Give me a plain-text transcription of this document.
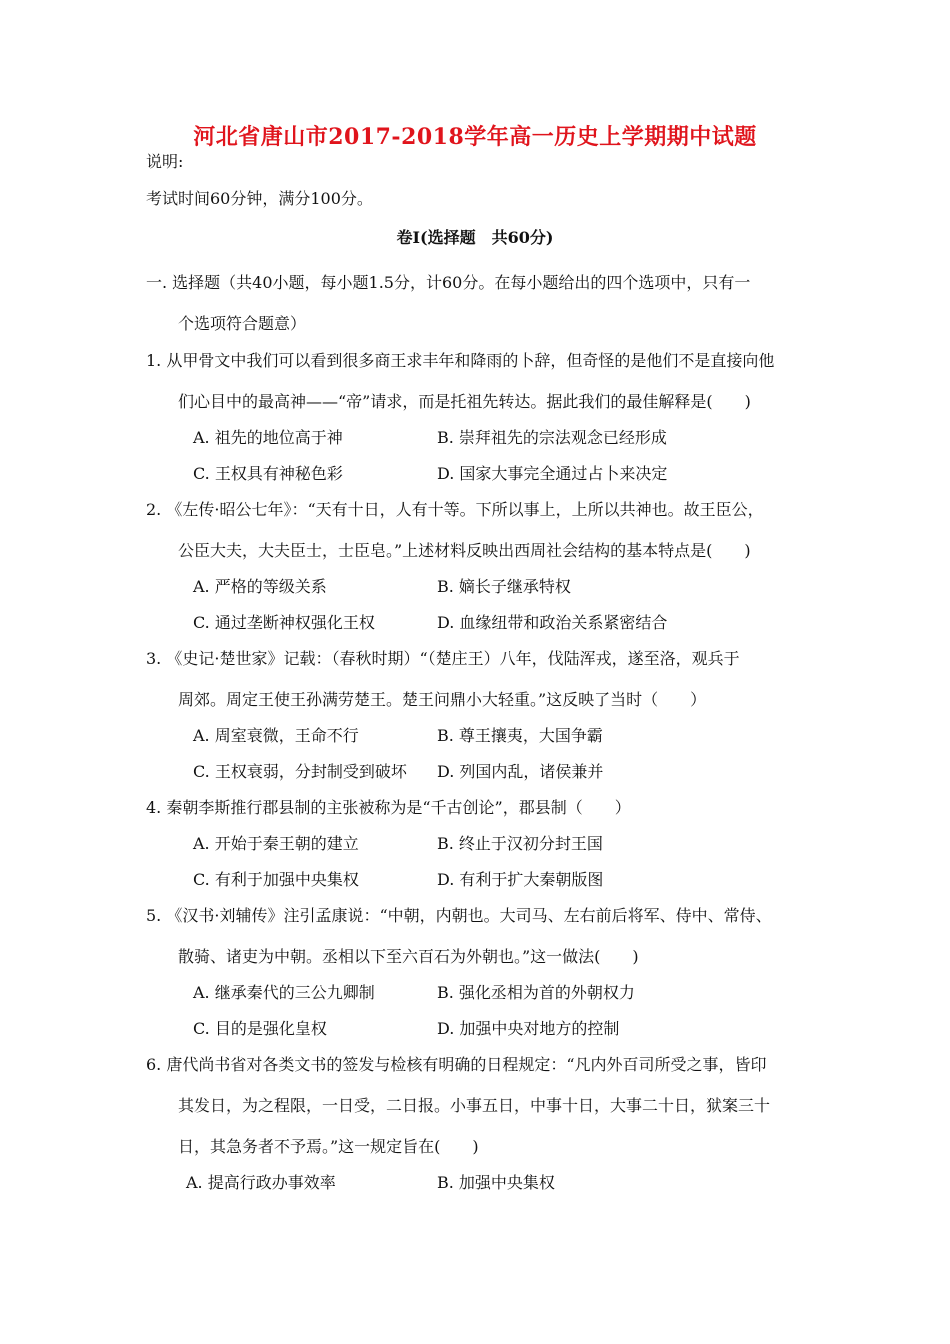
河北省唐山市2017-2018学年高一历史上学期期中试题
说明:
考试时间60分钟，满分100分。
卷Ⅰ(选择题　共60分)
一. 选择题（共40小题，每小题1.5分，计60分。在每小题给出的四个选项中，只有一
个选项符合题意）
1. 从甲骨文中我们可以看到很多商王求丰年和降雨的卜辞，但奇怪的是他们不是直接向他
们心目中的最高神——“帝”请求，而是托祖先转达。据此我们的最佳解释是(　　)
A. 祖先的地位高于神	B. 崇拜祖先的宗法观念已经形成
C. 王权具有神秘色彩	D. 国家大事完全通过占卜来决定
2. 《左传·昭公七年》：“天有十日，人有十等。下所以事上，上所以共神也。故王臣公，
公臣大夫，大夫臣士，士臣皂。”上述材料反映出西周社会结构的基本特点是(　　)
A. 严格的等级关系	B. 嫡长子继承特权
C. 通过垄断神权强化王权	D. 血缘纽带和政治关系紧密结合
3. 《史记·楚世家》记载：（春秋时期）“（楚庄王）八年，伐陆浑戎，遂至洛，观兵于
周郊。周定王使王孙满劳楚王。楚王问鼎小大轻重。”这反映了当时（　　）
A. 周室衰微，王命不行	B. 尊王攘夷，大国争霸
C. 王权衰弱，分封制受到破坏 D. 列国内乱，诸侯兼并
4. 秦朝李斯推行郡县制的主张被称为是“千古创论”，郡县制（　　）
A. 开始于秦王朝的建立	B. 终止于汉初分封王国
C. 有利于加强中央集权	D. 有利于扩大秦朝版图
5. 《汉书·刘辅传》注引孟康说：“中朝，内朝也。大司马、左右前后将军、侍中、常侍、
散骑、诸吏为中朝。丞相以下至六百石为外朝也。”这一做法(　　)
A. 继承秦代的三公九卿制	B. 强化丞相为首的外朝权力
C. 目的是强化皇权	D. 加强中央对地方的控制
6. 唐代尚书省对各类文书的签发与检核有明确的日程规定：“凡内外百司所受之事，皆印
其发日，为之程限，一日受，二日报。小事五日，中事十日，大事二十日，狱案三十
日，其急务者不予焉。”这一规定旨在(　　)
A. 提高行政办事效率	B. 加强中央集权
